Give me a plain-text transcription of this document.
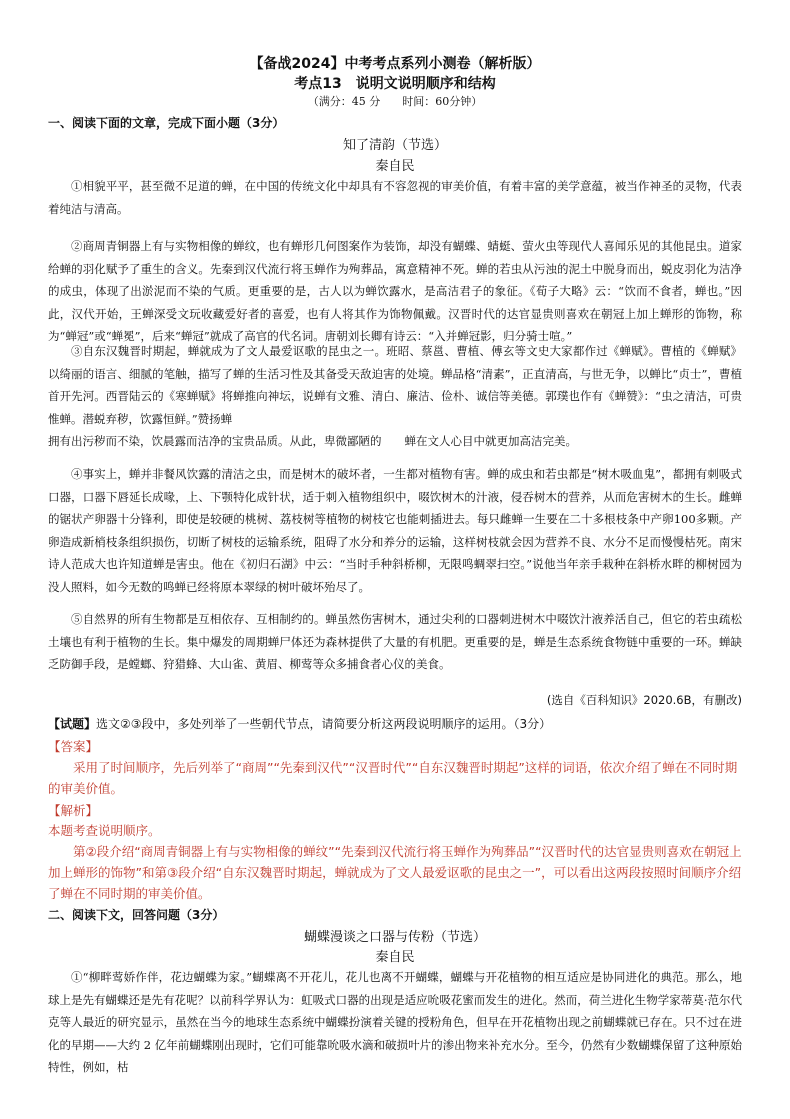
【备战2024】中考考点系列小测卷（解析版）
考点13　说明文说明顺序和结构
（满分：45 分　　时间：60分钟）
一、阅读下面的文章，完成下面小题（3分）
知了清韵（节选）
秦自民

①相貌平平，甚至微不足道的蝉，在中国的传统文化中却具有不容忽视的审美价值，有着丰富的美学意蕴，被当作神圣的灵物，代表着纯洁与清高。

②商周青铜器上有与实物相像的蝉纹，也有蝉形几何图案作为装饰，却没有蝴蝶、蜻蜓、萤火虫等现代人喜闻乐见的其他昆虫。道家给蝉的羽化赋予了重生的含义。先秦到汉代流行将玉蝉作为殉葬品，寓意精神不死。蝉的若虫从污浊的泥土中脱身而出，蜕皮羽化为洁净的成虫，体现了出淤泥而不染的气质。更重要的是，古人以为蝉饮露水，是高洁君子的象征。《荀子大略》云：“饮而不食者，蝉也。”因此，汉代开始，王蝉深受文玩收藏爱好者的喜爱，也有人将其作为饰物佩戴。汉晋时代的达官显贵则喜欢在朝冠上加上蝉形的饰物，称为“蝉冠”或“蝉冕”，后来“蝉冠”就成了高官的代名词。唐朝刘长卿有诗云：“入并蝉冠影，归分骑士喧。”

③自东汉魏晋时期起，蝉就成为了文人最爱讴歌的昆虫之一。班昭、蔡邕、曹植、傅玄等文史大家都作过《蝉赋》。曹植的《蝉赋》以绮丽的语言、细腻的笔触，描写了蝉的生活习性及其备受天敌迫害的处境。蝉品格“清素”，正直清高，与世无争，以蝉比“贞士”，曹植首开先河。西晋陆云的《寒蝉赋》将蝉推向神坛，说蝉有文雅、清白、廉洁、俭朴、诚信等美德。郭璞也作有《蝉赞》：“虫之清洁，可贵惟蝉。潜蜕弃秽，饮露恒鲜。”赞扬蝉

拥有出污秽而不染，饮晨露而洁净的宝贵品质。从此，卑微鄙陋的　　蝉在文人心目中就更加高洁完美。

④事实上，蝉并非餐风饮露的清洁之虫，而是树木的破坏者，一生都对植物有害。蝉的成虫和若虫都是“树木吸血鬼”，都拥有刺吸式口器，口器下唇延长成喙，上、下颚特化成针状，适于刺入植物组织中，啜饮树木的汁液，侵吞树木的营养，从而危害树木的生长。雌蝉的锯状产卵器十分锋利，即使是较硬的桃树、荔枝树等植物的树枝它也能刺插进去。每只雌蝉一生要在二十多根枝条中产卵100多颗。产卵造成新梢枝条组织损伤，切断了树枝的运输系统，阻碍了水分和养分的运输，这样树枝就会因为营养不良、水分不足而慢慢枯死。南宋诗人范成大也许知道蝉是害虫。他在《初归石湖》中云：“当时手种斜桥柳，无限鸣蜩翠扫空。”说他当年亲手栽种在斜桥水畔的柳树园为没人照料，如今无数的鸣蝉已经将原本翠绿的树叶破坏殆尽了。

⑤自然界的所有生物都是互相依存、互相制约的。蝉虽然伤害树木，通过尖利的口器刺进树木中啜饮汁液养活自己，但它的若虫疏松土壤也有利于植物的生长。集中爆发的周期蝉尸体还为森林提供了大量的有机肥。更重要的是，蝉是生态系统食物链中重要的一环。蝉缺乏防御手段，是螳螂、狩猎蜂、大山雀、黄眉、柳莺等众多捕食者心仪的美食。

(选自《百科知识》2020.6B，有删改)
【试题】选文②③段中，多处列举了一些朝代节点，请简要分析这两段说明顺序的运用。（3分）
【答案】

采用了时间顺序，先后列举了“商周”“先秦到汉代”“汉晋时代”“自东汉魏晋时期起”这样的词语，依次介绍了蝉在不同时期的审美价值。

【解析】
本题考查说明顺序。

第②段介绍“商周青铜器上有与实物相像的蝉纹”“先秦到汉代流行将玉蝉作为殉葬品”“汉晋时代的达官显贵则喜欢在朝冠上加上蝉形的饰物”和第③段介绍“自东汉魏晋时期起，蝉就成为了文人最爱讴歌的昆虫之一”，可以看出这两段按照时间顺序介绍了蝉在不同时期的审美价值。

二、阅读下文，回答问题（3分）
蝴蝶漫谈之口器与传粉（节选）
秦自民

①“柳畔莺娇作伴，花边蝴蝶为家。”蝴蝶离不开花儿，花儿也离不开蝴蝶，蝴蝶与开花植物的相互适应是协同进化的典范。那么，地球上是先有蝴蝶还是先有花呢？以前科学界认为：虹吸式口器的出现是适应吮吸花蜜而发生的进化。然而，荷兰进化生物学家蒂莫·范尔代克等人最近的研究显示，虽然在当今的地球生态系统中蝴蝶扮演着关键的授粉角色，但早在开花植物出现之前蝴蝶就已存在。只不过在进化的早期——大约 2 亿年前蝴蝶刚出现时，它们可能靠吮吸水滴和破损叶片的渗出物来补充水分。至今，仍然有少数蝴蝶保留了这种原始特性，例如，枯
